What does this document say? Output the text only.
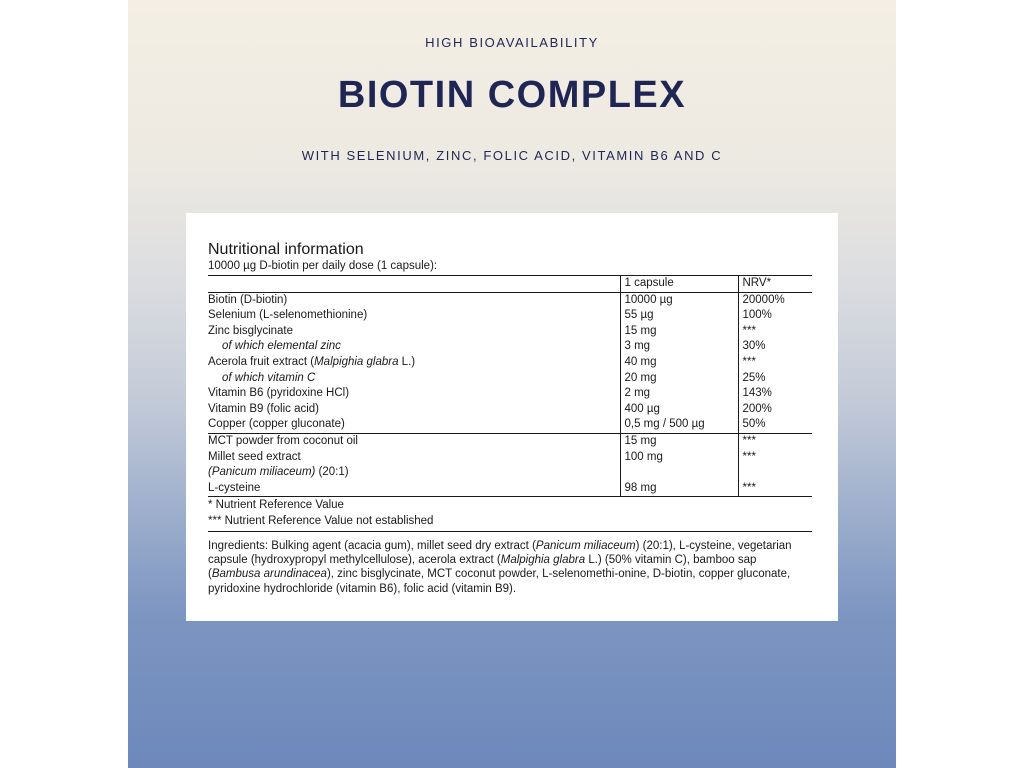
HIGH BIOAVAILABILITY
BIOTIN COMPLEX
WITH SELENIUM, ZINC, FOLIC ACID, VITAMIN B6 AND C
Nutritional information
10000 µg D-biotin per daily dose (1 capsule):
	1 capsule	NRV*
Biotin (D-biotin)	10000 µg	20000%
Selenium (L-selenomethionine)	55 µg	100%
Zinc bisglycinate	15 mg	***
of which elemental zinc	3 mg	30%
Acerola fruit extract (Malpighia glabra L.)	40 mg	***
of which vitamin C	20 mg	25%
Vitamin B6 (pyridoxine HCl)	2 mg	143%
Vitamin B9 (folic acid)	400 µg	200%
Copper (copper gluconate)	0,5 mg / 500 µg	50%
MCT powder from coconut oil	15 mg	***
Millet seed extract	100 mg	***
(Panicum miliaceum) (20:1)		
L-cysteine	98 mg	***
* Nutrient Reference Value
*** Nutrient Reference Value not established
Ingredients: Bulking agent (acacia gum), millet seed dry extract (Panicum miliaceum) (20:1), L-cysteine, vegetarian capsule (hydroxypropyl methylcellulose), acerola extract (Malpighia glabra L.) (50% vitamin C), bamboo sap (Bambusa arundinacea), zinc bisglycinate, MCT coconut powder, L-selenomethi-onine, D-biotin, copper gluconate, pyridoxine hydrochloride (vitamin B6), folic acid (vitamin B9).
